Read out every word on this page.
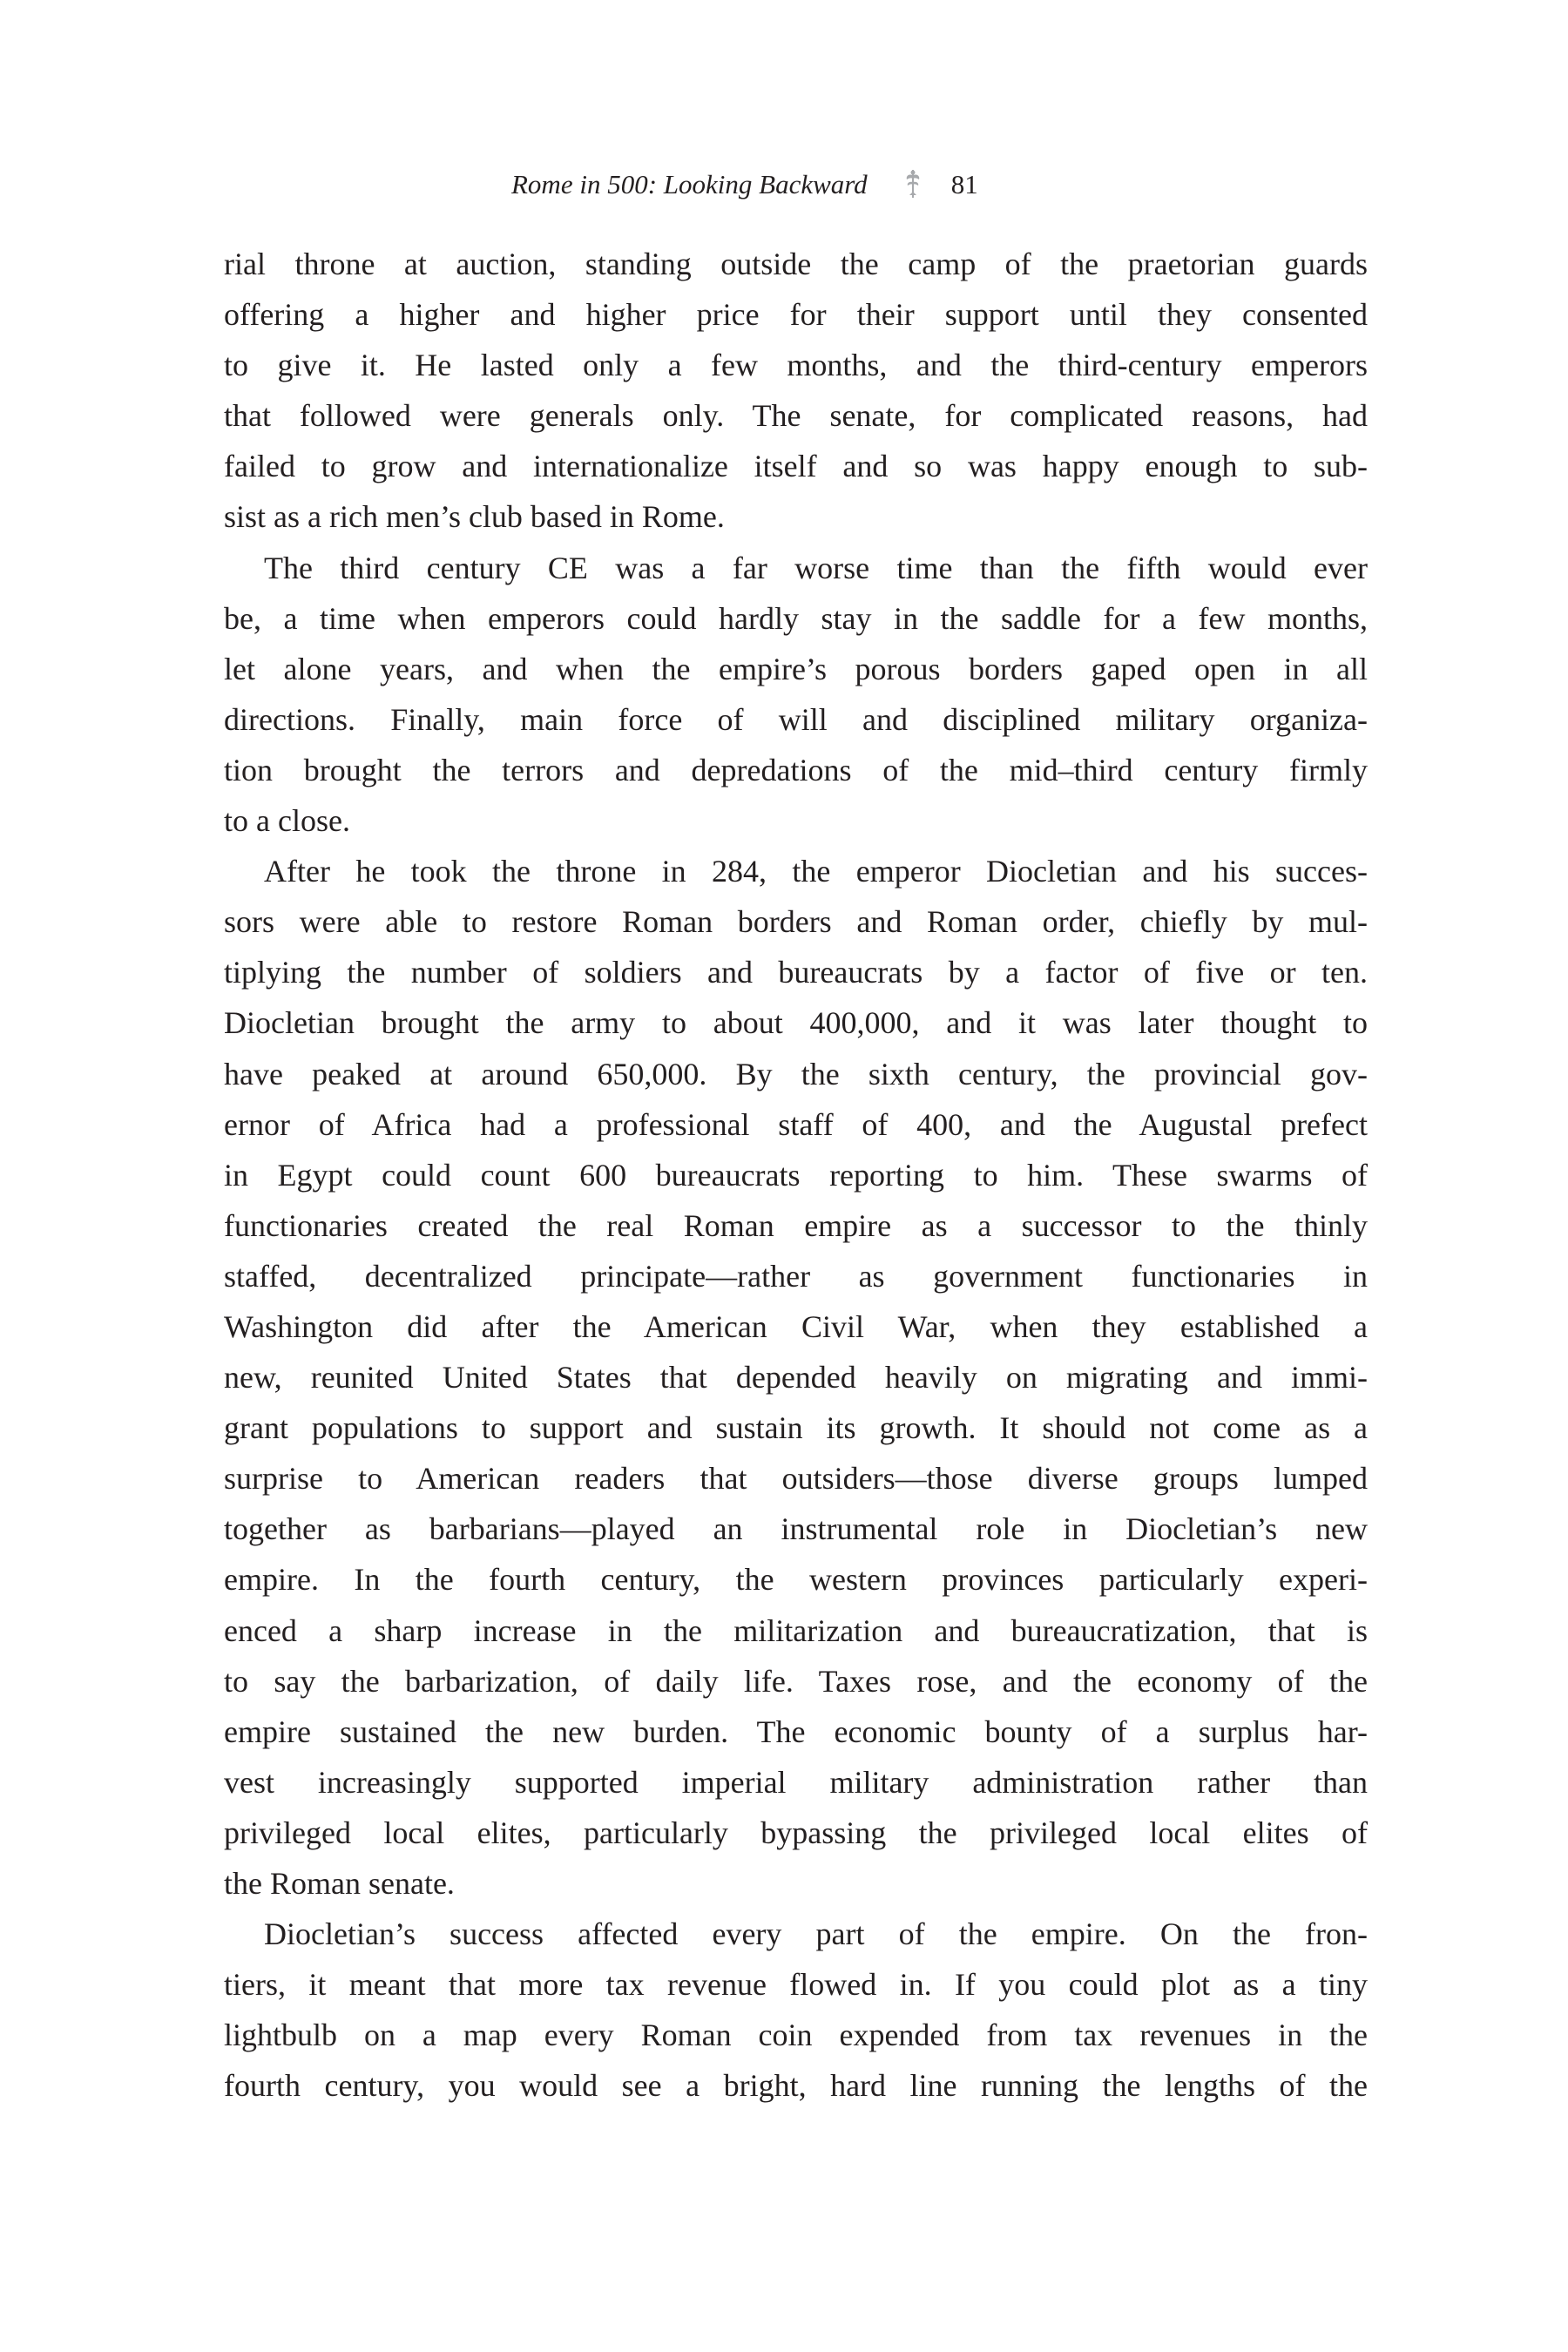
Rome in 500: Looking Backward	81
rial throne at auction, standing outside the camp of the praetorian guards
offering a higher and higher price for their support until they consented
to give it. He lasted only a few months, and the third-century emperors
that followed were generals only. The senate, for complicated reasons, had
failed to grow and internationalize itself and so was happy enough to sub-
sist as a rich men’s club based in Rome.
The third century CE was a far worse time than the fifth would ever
be, a time when emperors could hardly stay in the saddle for a few months,
let alone years, and when the empire’s porous borders gaped open in all
directions. Finally, main force of will and disciplined military organiza-
tion brought the terrors and depredations of the mid–third century firmly
to a close.
After he took the throne in 284, the emperor Diocletian and his succes-
sors were able to restore Roman borders and Roman order, chiefly by mul-
tiplying the number of soldiers and bureaucrats by a factor of five or ten.
Diocletian brought the army to about 400,000, and it was later thought to
have peaked at around 650,000. By the sixth century, the provincial gov-
ernor of Africa had a professional staff of 400, and the Augustal prefect
in Egypt could count 600 bureaucrats reporting to him. These swarms of
functionaries created the real Roman empire as a successor to the thinly
staffed, decentralized principate—rather as government functionaries in
Washington did after the American Civil War, when they established a
new, reunited United States that depended heavily on migrating and immi-
grant populations to support and sustain its growth. It should not come as a
surprise to American readers that outsiders—those diverse groups lumped
together as barbarians—played an instrumental role in Diocletian’s new
empire. In the fourth century, the western provinces particularly experi-
enced a sharp increase in the militarization and bureaucratization, that is
to say the barbarization, of daily life. Taxes rose, and the economy of the
empire sustained the new burden. The economic bounty of a surplus har-
vest increasingly supported imperial military administration rather than
privileged local elites, particularly bypassing the privileged local elites of
the Roman senate.
Diocletian’s success affected every part of the empire. On the fron-
tiers, it meant that more tax revenue flowed in. If you could plot as a tiny
lightbulb on a map every Roman coin expended from tax revenues in the
fourth century, you would see a bright, hard line running the lengths of the
